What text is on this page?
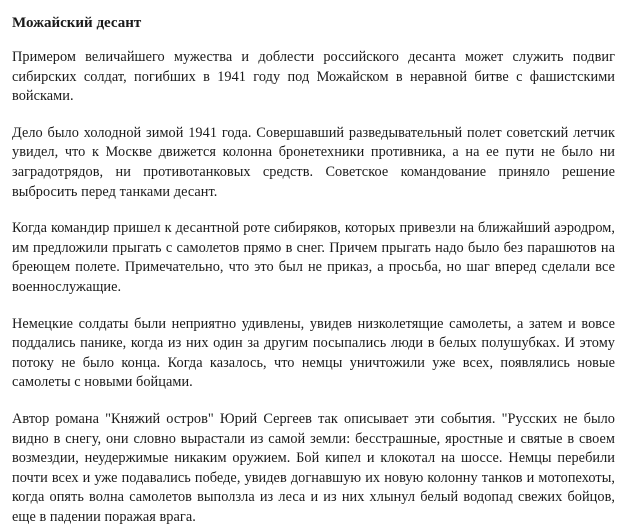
Можайский десант

Примером величайшего мужества и доблести российского десанта может служить подвиг сибирских солдат, погибших в 1941 году под Можайском в неравной битве с фашистскими войсками.

Дело было холодной зимой 1941 года. Совершавший разведывательный полет советский летчик увидел, что к Москве движется колонна бронетехники противника, а на ее пути не было ни заградотрядов, ни противотанковых средств. Советское командование приняло решение выбросить перед танками десант.

Когда командир пришел к десантной роте сибиряков, которых привезли на ближайший аэродром, им предложили прыгать с самолетов прямо в снег. Причем прыгать надо было без парашютов на бреющем полете. Примечательно, что это был не приказ, а просьба, но шаг вперед сделали все военнослужащие.

Немецкие солдаты были неприятно удивлены, увидев низколетящие самолеты, а затем и вовсе поддались панике, когда из них один за другим посыпались люди в белых полушубках. И этому потоку не было конца. Когда казалось, что немцы уничтожили уже всех, появлялись новые самолеты с новыми бойцами.

Автор романа "Княжий остров" Юрий Сергеев так описывает эти события. "Русских не было видно в снегу, они словно вырастали из самой земли: бесстрашные, яростные и святые в своем возмездии, неудержимые никаким оружием. Бой кипел и клокотал на шоссе. Немцы перебили почти всех и уже подавались победе, увидев догнавшую их новую колонну танков и мотопехоты, когда опять волна самолетов выползла из леса и из них хлынул белый водопад свежих бойцов, еще в падении поражая врага.
